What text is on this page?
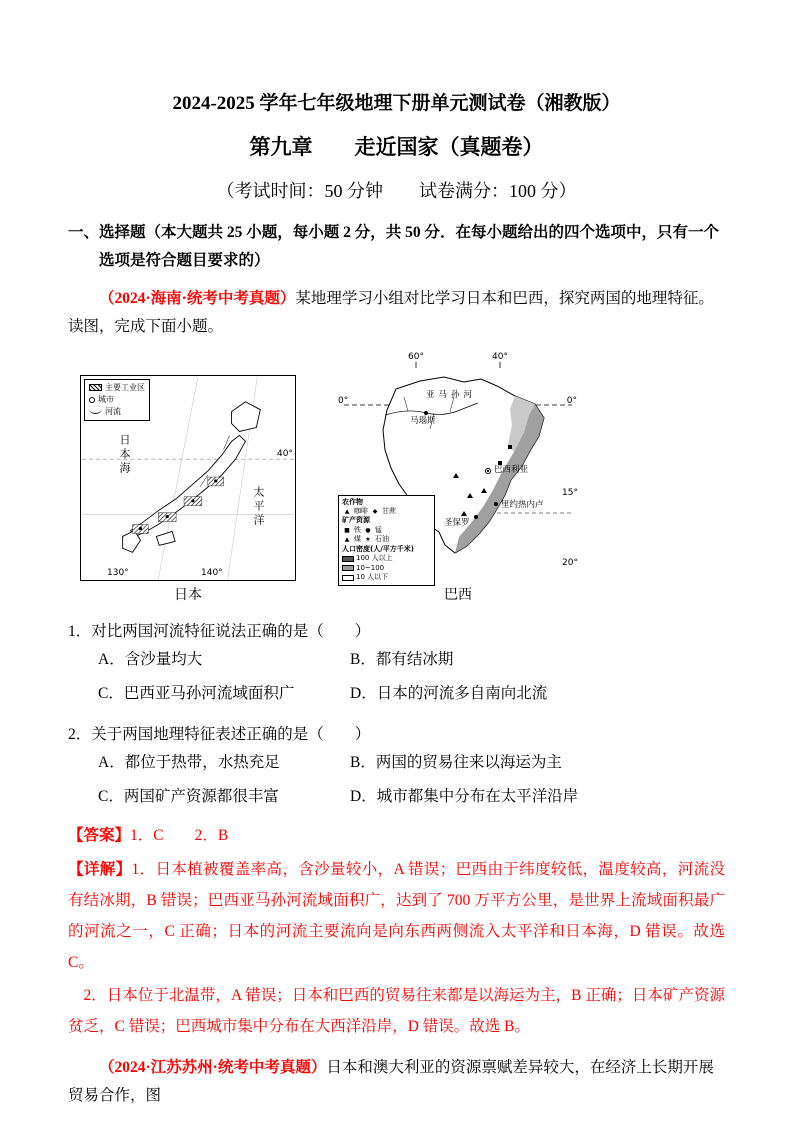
2024-2025 学年七年级地理下册单元测试卷（湘教版）
第九章　　走近国家（真题卷）
（考试时间：50 分钟　　试卷满分：100 分）
一、选择题（本大题共 25 小题，每小题 2 分，共 50 分．在每小题给出的四个选项中，只有一个选项是符合题目要求的）

（2024·海南·统考中考真题）某地理学习小组对比学习日本和巴西，探究两国的地理特征。读图，完成下面小题。

主要工业区
城市
河流
日本海
太平洋
40°
130°	140°
日本
60°	40°
0°	0°
亚马孙河
马瑙斯
巴西利亚
圣保罗
里约热内卢
15°
20°
农作物
▲ 咖啡 ◆ 甘蔗
矿产资源
■ 铁 ● 锰
▲ 煤 ★ 石油
人口密度(人/平方千米)
100 人以上
10~100
10 人以下
巴西

1．对比两国河流特征说法正确的是（　　）

A．含沙量均大	B．都有结冰期
C．巴西亚马孙河流域面积广	D．日本的河流多自南向北流

2．关于两国地理特征表述正确的是（　　）

A．都位于热带，水热充足	B．两国的贸易往来以海运为主
C．两国矿产资源都很丰富	D．城市都集中分布在太平洋沿岸

【答案】1．C　　2．B

【详解】1．日本植被覆盖率高，含沙量较小，A 错误；巴西由于纬度较低，温度较高，河流没有结冰期，B 错误；巴西亚马孙河流域面积广，达到了 700 万平方公里，是世界上流域面积最广的河流之一，C 正确；日本的河流主要流向是向东西两侧流入太平洋和日本海，D 错误。故选 C。

2．日本位于北温带，A 错误；日本和巴西的贸易往来都是以海运为主，B 正确；日本矿产资源贫乏，C 错误；巴西城市集中分布在大西洋沿岸，D 错误。故选 B。

（2024·江苏苏州·统考中考真题）日本和澳大利亚的资源禀赋差异较大，在经济上长期开展贸易合作，图
